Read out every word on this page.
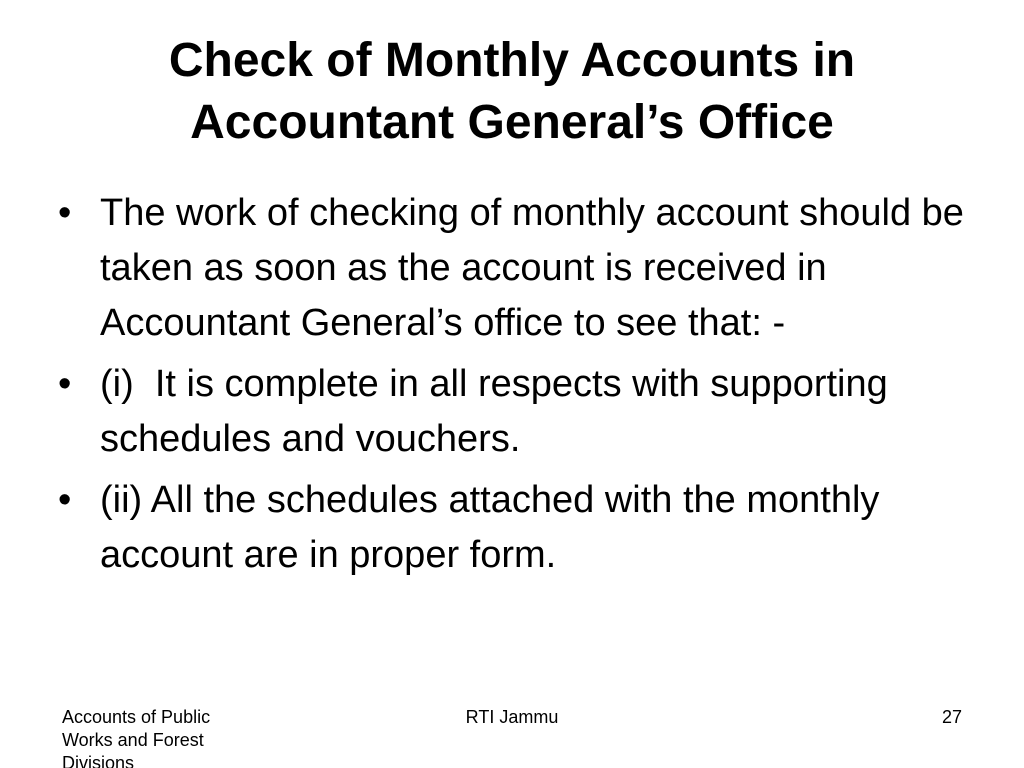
Check of Monthly Accounts in
Accountant General’s Office
• The work of checking of monthly account should be taken as soon as the account is received in Accountant General’s office to see that: -
• (i)  It is complete in all respects with supporting schedules and vouchers.
• (ii) All the schedules attached with the monthly account are in proper form.
Accounts of Public Works and Forest Divisions
RTI Jammu	27
